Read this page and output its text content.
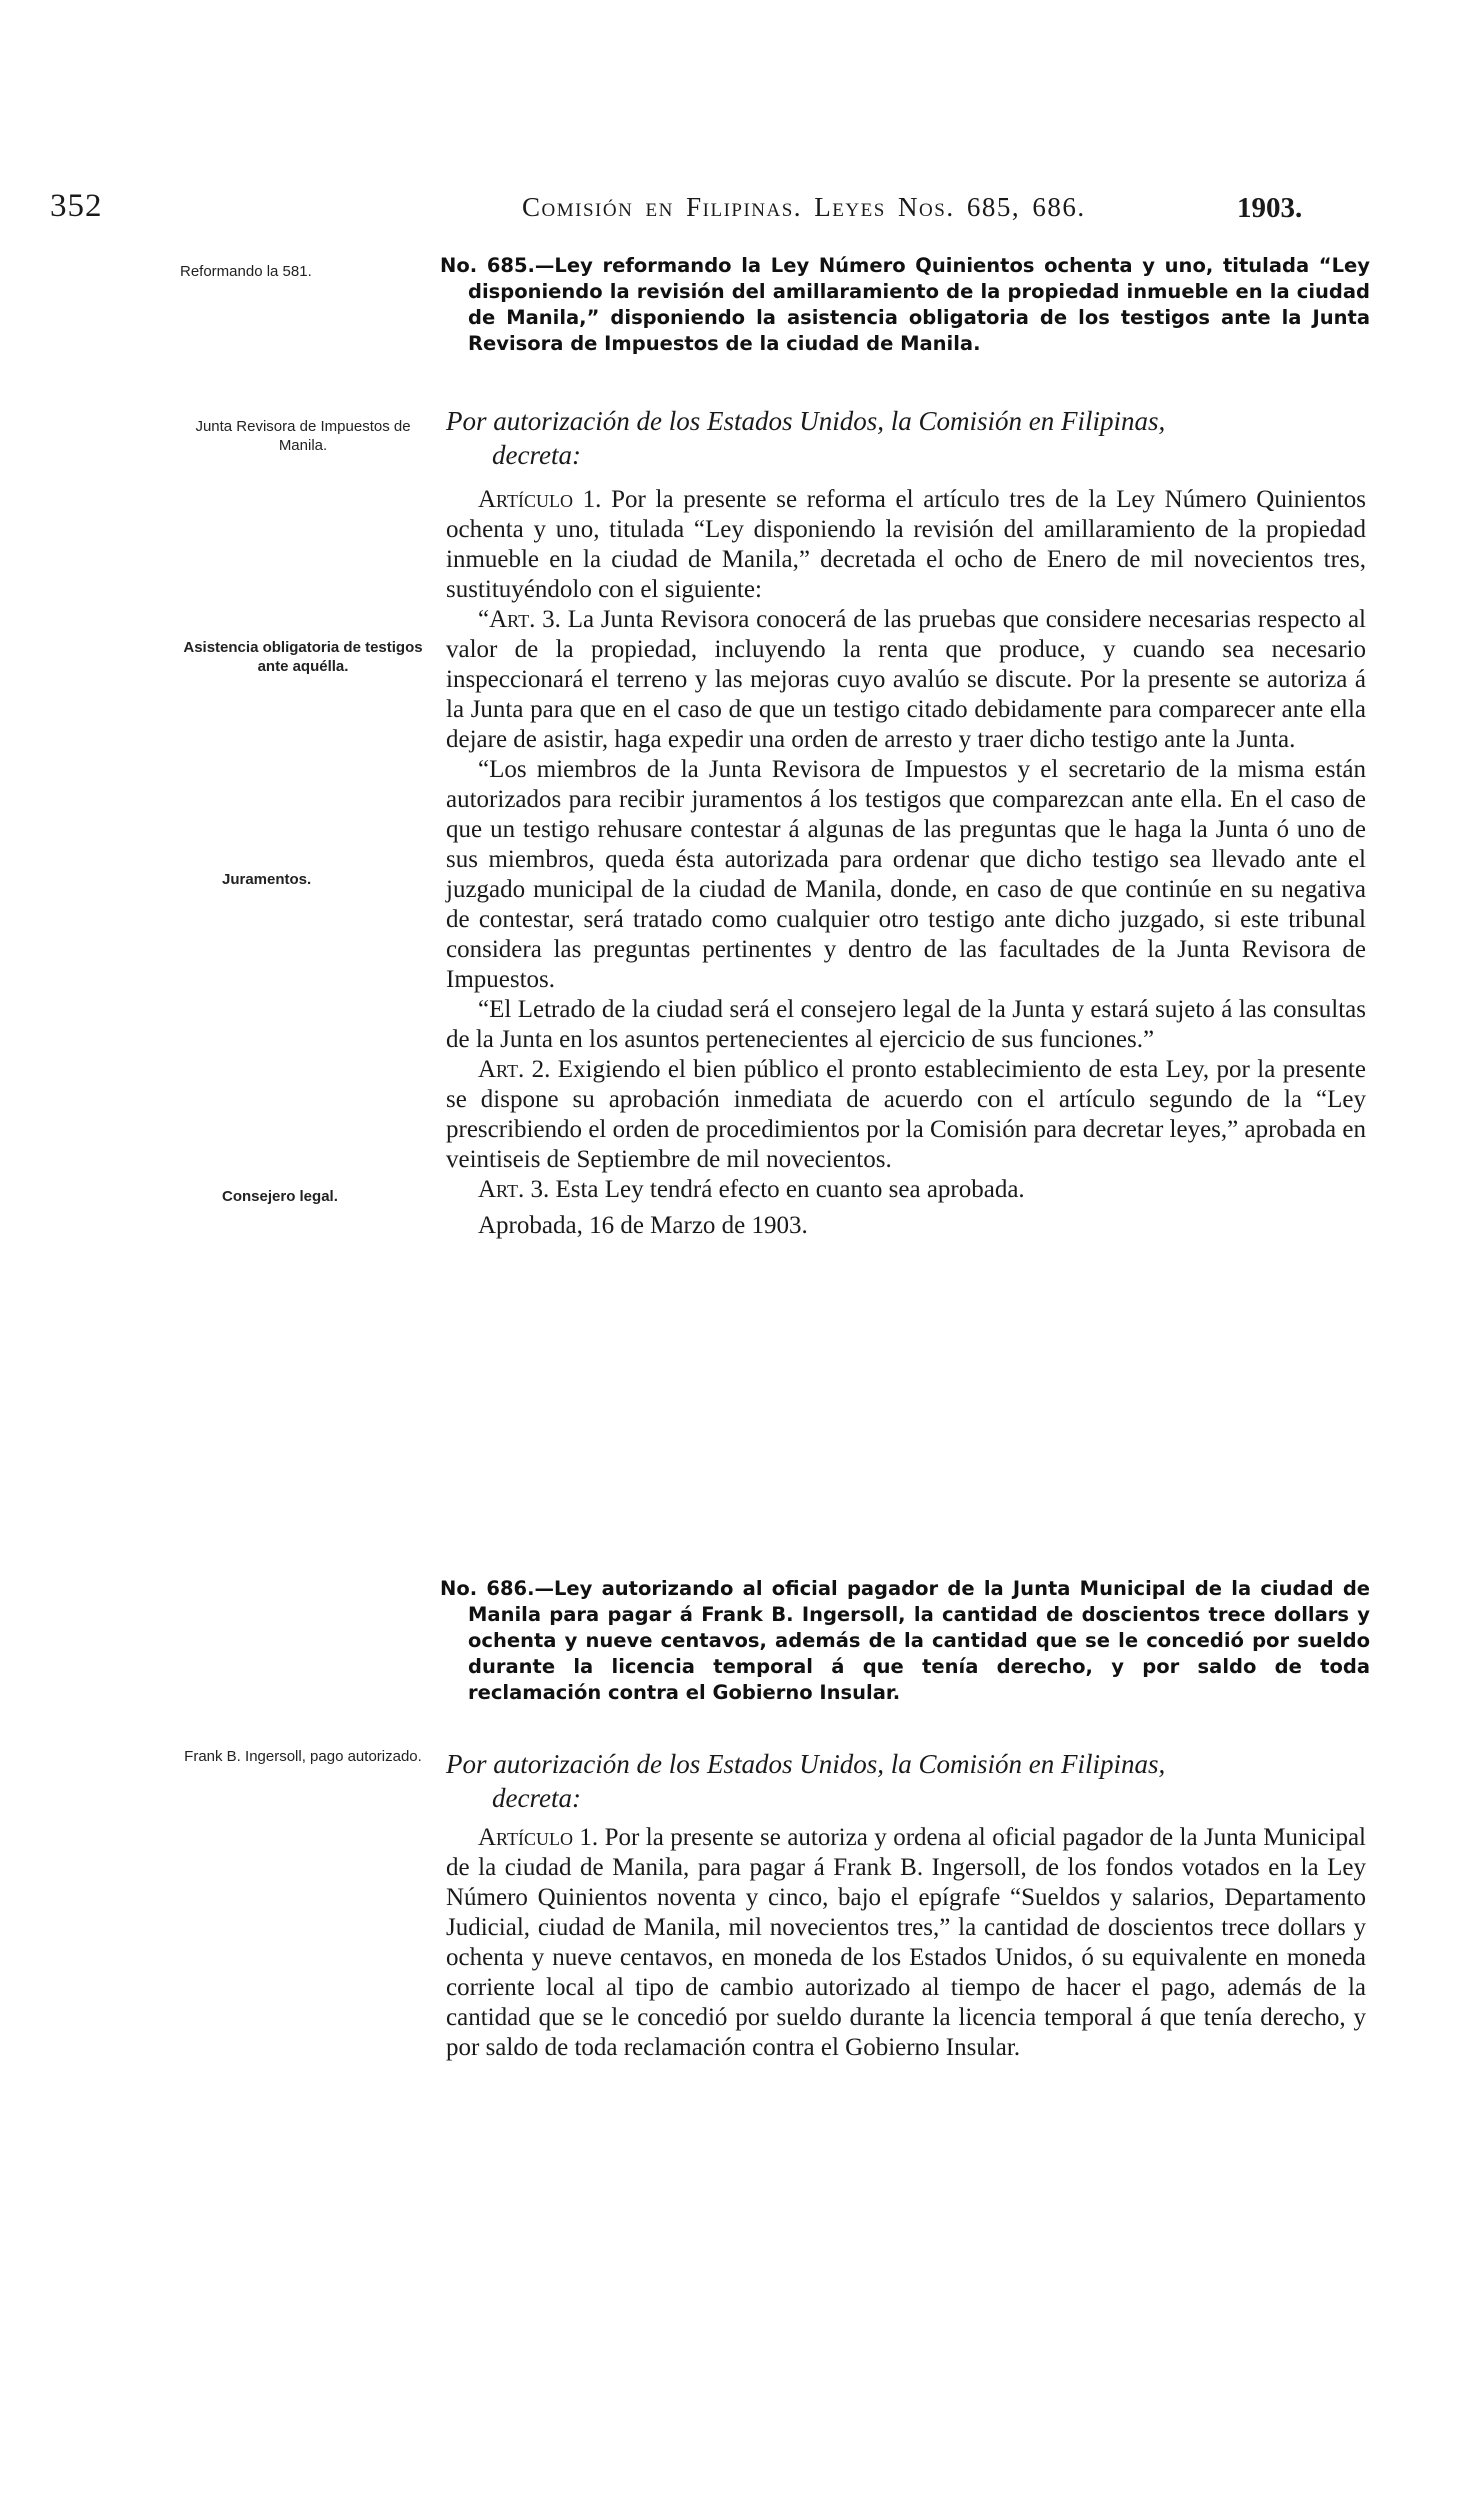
352	Comisión en Filipinas. Leyes Nos. 685, 686.	1903.
Reformando la 581.
Junta Revisora de Impuestos de Manila.
Asistencia obligatoria de testigos ante aquélla.
Juramentos.
Consejero legal.
Frank B. Ingersoll, pago autorizado.
No. 685.—Ley reformando la Ley Número Quinientos ochenta y uno, titulada “Ley disponiendo la revisión del amillaramiento de la propiedad inmueble en la ciudad de Manila,” disponiendo la asistencia obligatoria de los testigos ante la Junta Revisora de Impuestos de la ciudad de Manila.
Por autorización de los Estados Unidos, la Comisión en Filipinas,
decreta:

Artículo 1. Por la presente se reforma el artículo tres de la Ley Número Quinientos ochenta y uno, titulada “Ley disponiendo la revisión del amillaramiento de la propiedad inmueble en la ciudad de Manila,” decretada el ocho de Enero de mil novecientos tres, sustituyéndolo con el siguiente:

“Art. 3. La Junta Revisora conocerá de las pruebas que considere necesarias respecto al valor de la propiedad, incluyendo la renta que produce, y cuando sea necesario inspeccionará el terreno y las mejoras cuyo avalúo se discute. Por la presente se autoriza á la Junta para que en el caso de que un testigo citado debidamente para comparecer ante ella dejare de asistir, haga expedir una orden de arresto y traer dicho testigo ante la Junta.

“Los miembros de la Junta Revisora de Impuestos y el secretario de la misma están autorizados para recibir juramentos á los testigos que comparezcan ante ella. En el caso de que un testigo rehusare contestar á algunas de las preguntas que le haga la Junta ó uno de sus miembros, queda ésta autorizada para ordenar que dicho testigo sea llevado ante el juzgado municipal de la ciudad de Manila, donde, en caso de que continúe en su negativa de contestar, será tratado como cualquier otro testigo ante dicho juzgado, si este tribunal considera las preguntas pertinentes y dentro de las facultades de la Junta Revisora de Impuestos.

“El Letrado de la ciudad será el consejero legal de la Junta y estará sujeto á las consultas de la Junta en los asuntos pertenecientes al ejercicio de sus funciones.”

Art. 2. Exigiendo el bien público el pronto establecimiento de esta Ley, por la presente se dispone su aprobación inmediata de acuerdo con el artículo segundo de la “Ley prescribiendo el orden de procedimientos por la Comisión para decretar leyes,” aprobada en veintiseis de Septiembre de mil novecientos.

Art. 3. Esta Ley tendrá efecto en cuanto sea aprobada.

Aprobada, 16 de Marzo de 1903.

No. 686.—Ley autorizando al oficial pagador de la Junta Municipal de la ciudad de Manila para pagar á Frank B. Ingersoll, la cantidad de doscientos trece dollars y ochenta y nueve centavos, además de la cantidad que se le concedió por sueldo durante la licencia temporal á que tenía derecho, y por saldo de toda reclamación contra el Gobierno Insular.
Por autorización de los Estados Unidos, la Comisión en Filipinas,
decreta:

Artículo 1. Por la presente se autoriza y ordena al oficial pagador de la Junta Municipal de la ciudad de Manila, para pagar á Frank B. Ingersoll, de los fondos votados en la Ley Número Quinientos noventa y cinco, bajo el epígrafe “Sueldos y salarios, Departamento Judicial, ciudad de Manila, mil novecientos tres,” la cantidad de doscientos trece dollars y ochenta y nueve centavos, en moneda de los Estados Unidos, ó su equivalente en moneda corriente local al tipo de cambio autorizado al tiempo de hacer el pago, además de la cantidad que se le concedió por sueldo durante la licencia temporal á que tenía derecho, y por saldo de toda reclamación contra el Gobierno Insular.
